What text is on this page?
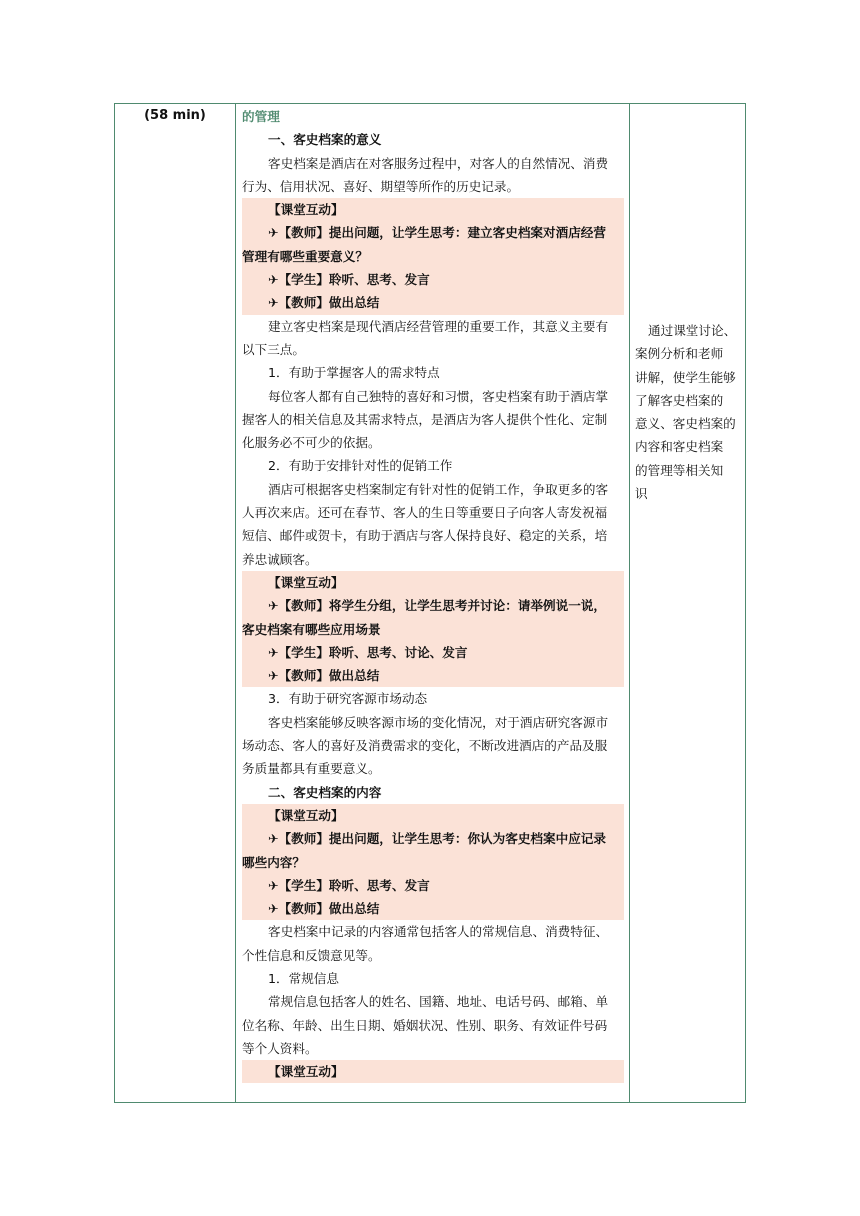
(58 min)	的管理
一、客史档案的意义
客史档案是酒店在对客服务过程中，对客人的自然情况、消费
行为、信用状况、喜好、期望等所作的历史记录。
【课堂互动】
✈【教师】提出问题，让学生思考：建立客史档案对酒店经营
管理有哪些重要意义？
✈【学生】聆听、思考、发言
✈【教师】做出总结
建立客史档案是现代酒店经营管理的重要工作，其意义主要有
以下三点。
1．有助于掌握客人的需求特点
每位客人都有自己独特的喜好和习惯，客史档案有助于酒店掌
握客人的相关信息及其需求特点，是酒店为客人提供个性化、定制
化服务必不可少的依据。
2．有助于安排针对性的促销工作
酒店可根据客史档案制定有针对性的促销工作，争取更多的客
人再次来店。还可在春节、客人的生日等重要日子向客人寄发祝福
短信、邮件或贺卡，有助于酒店与客人保持良好、稳定的关系，培
养忠诚顾客。
【课堂互动】
✈【教师】将学生分组，让学生思考并讨论：请举例说一说，
客史档案有哪些应用场景
✈【学生】聆听、思考、讨论、发言
✈【教师】做出总结
3．有助于研究客源市场动态
客史档案能够反映客源市场的变化情况，对于酒店研究客源市
场动态、客人的喜好及消费需求的变化，不断改进酒店的产品及服
务质量都具有重要意义。
二、客史档案的内容
【课堂互动】
✈【教师】提出问题，让学生思考：你认为客史档案中应记录
哪些内容？
✈【学生】聆听、思考、发言
✈【教师】做出总结
客史档案中记录的内容通常包括客人的常规信息、消费特征、
个性信息和反馈意见等。
1．常规信息
常规信息包括客人的姓名、国籍、地址、电话号码、邮箱、单
位名称、年龄、出生日期、婚姻状况、性别、职务、有效证件号码
等个人资料。
【课堂互动】
通过课堂讨论、
案例分析和老师
讲解，使学生能够
了解客史档案的
意义、客史档案的
内容和客史档案
的管理等相关知
识
